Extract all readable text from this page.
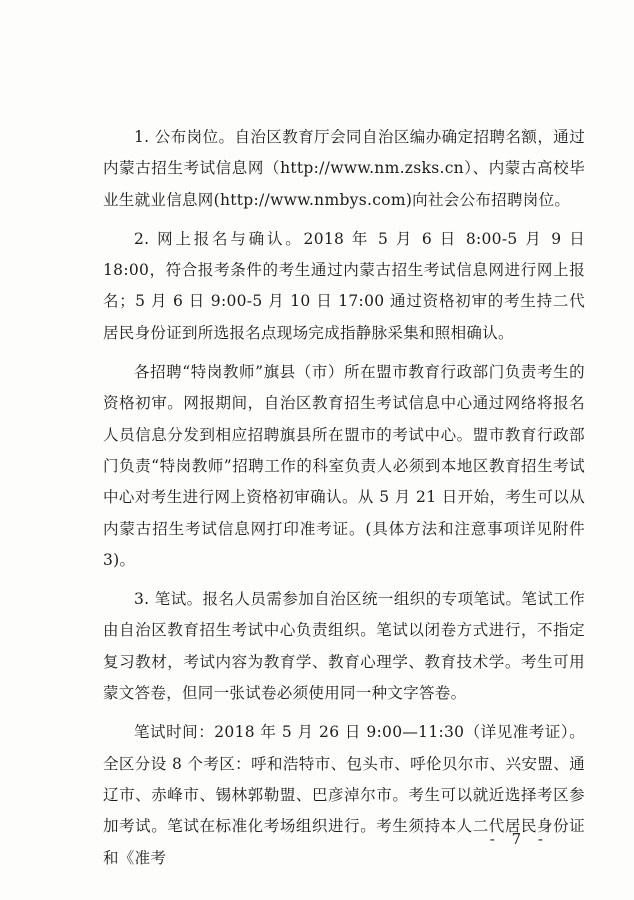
1. 公布岗位。自治区教育厅会同自治区编办确定招聘名额，通过内蒙古招生考试信息网（http://www.nm.zsks.cn）、内蒙古高校毕业生就业信息网(http://www.nmbys.com)向社会公布招聘岗位。

2. 网上报名与确认。2018 年 5 月 6 日 8:00-5 月 9 日 18:00，符合报考条件的考生通过内蒙古招生考试信息网进行网上报名；5 月 6 日 9:00-5 月 10 日 17:00 通过资格初审的考生持二代居民身份证到所选报名点现场完成指静脉采集和照相确认。

各招聘“特岗教师”旗县（市）所在盟市教育行政部门负责考生的资格初审。网报期间，自治区教育招生考试信息中心通过网络将报名人员信息分发到相应招聘旗县所在盟市的考试中心。盟市教育行政部门负责“特岗教师”招聘工作的科室负责人必须到本地区教育招生考试中心对考生进行网上资格初审确认。从 5 月 21 日开始，考生可以从内蒙古招生考试信息网打印准考证。(具体方法和注意事项详见附件 3)。

3. 笔试。报名人员需参加自治区统一组织的专项笔试。笔试工作由自治区教育招生考试中心负责组织。笔试以闭卷方式进行，不指定复习教材，考试内容为教育学、教育心理学、教育技术学。考生可用蒙文答卷，但同一张试卷必须使用同一种文字答卷。

笔试时间：2018 年 5 月 26 日 9:00—11:30（详见准考证）。全区分设 8 个考区：呼和浩特市、包头市、呼伦贝尔市、兴安盟、通辽市、赤峰市、锡林郭勒盟、巴彦淖尔市。考生可以就近选择考区参加考试。笔试在标准化考场组织进行。考生须持本人二代居民身份证和《准考

- 7 -
